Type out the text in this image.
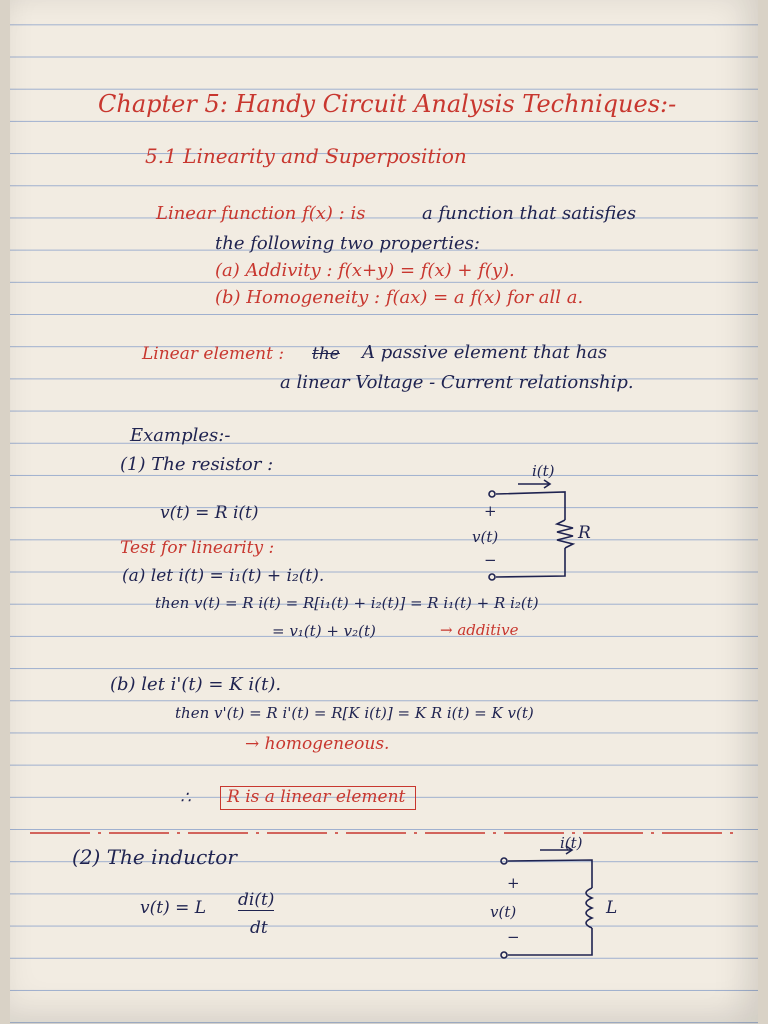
Chapter 5: Handy Circuit Analysis Techniques:-
5.1 Linearity and Superposition
Linear function f(x) : is	a function that satisfies
the following two properties:
(a) Addivity : f(x+y) = f(x) + f(y).
(b) Homogeneity : f(ax) = a f(x) for all a.
Linear element : the A passive element that has
a linear Voltage - Current relationship.
Examples:-
(1) The resistor :
v(t) = R i(t)
Test for linearity :
(a) let i(t) = i₁(t) + i₂(t).
then v(t) = R i(t) = R[i₁(t) + i₂(t)] = R i₁(t) + R i₂(t)
= v₁(t) + v₂(t)	→ additive
(b) let i'(t) = K i(t).
then v'(t) = R i'(t) = R[K i(t)] = K R i(t) = K v(t)
→ homogeneous.
∴	R is a linear element
(2) The inductor
v(t) = L di(t)
dt
i(t)
+
v(t)
−
R
i(t)
+
v(t)
−
L
